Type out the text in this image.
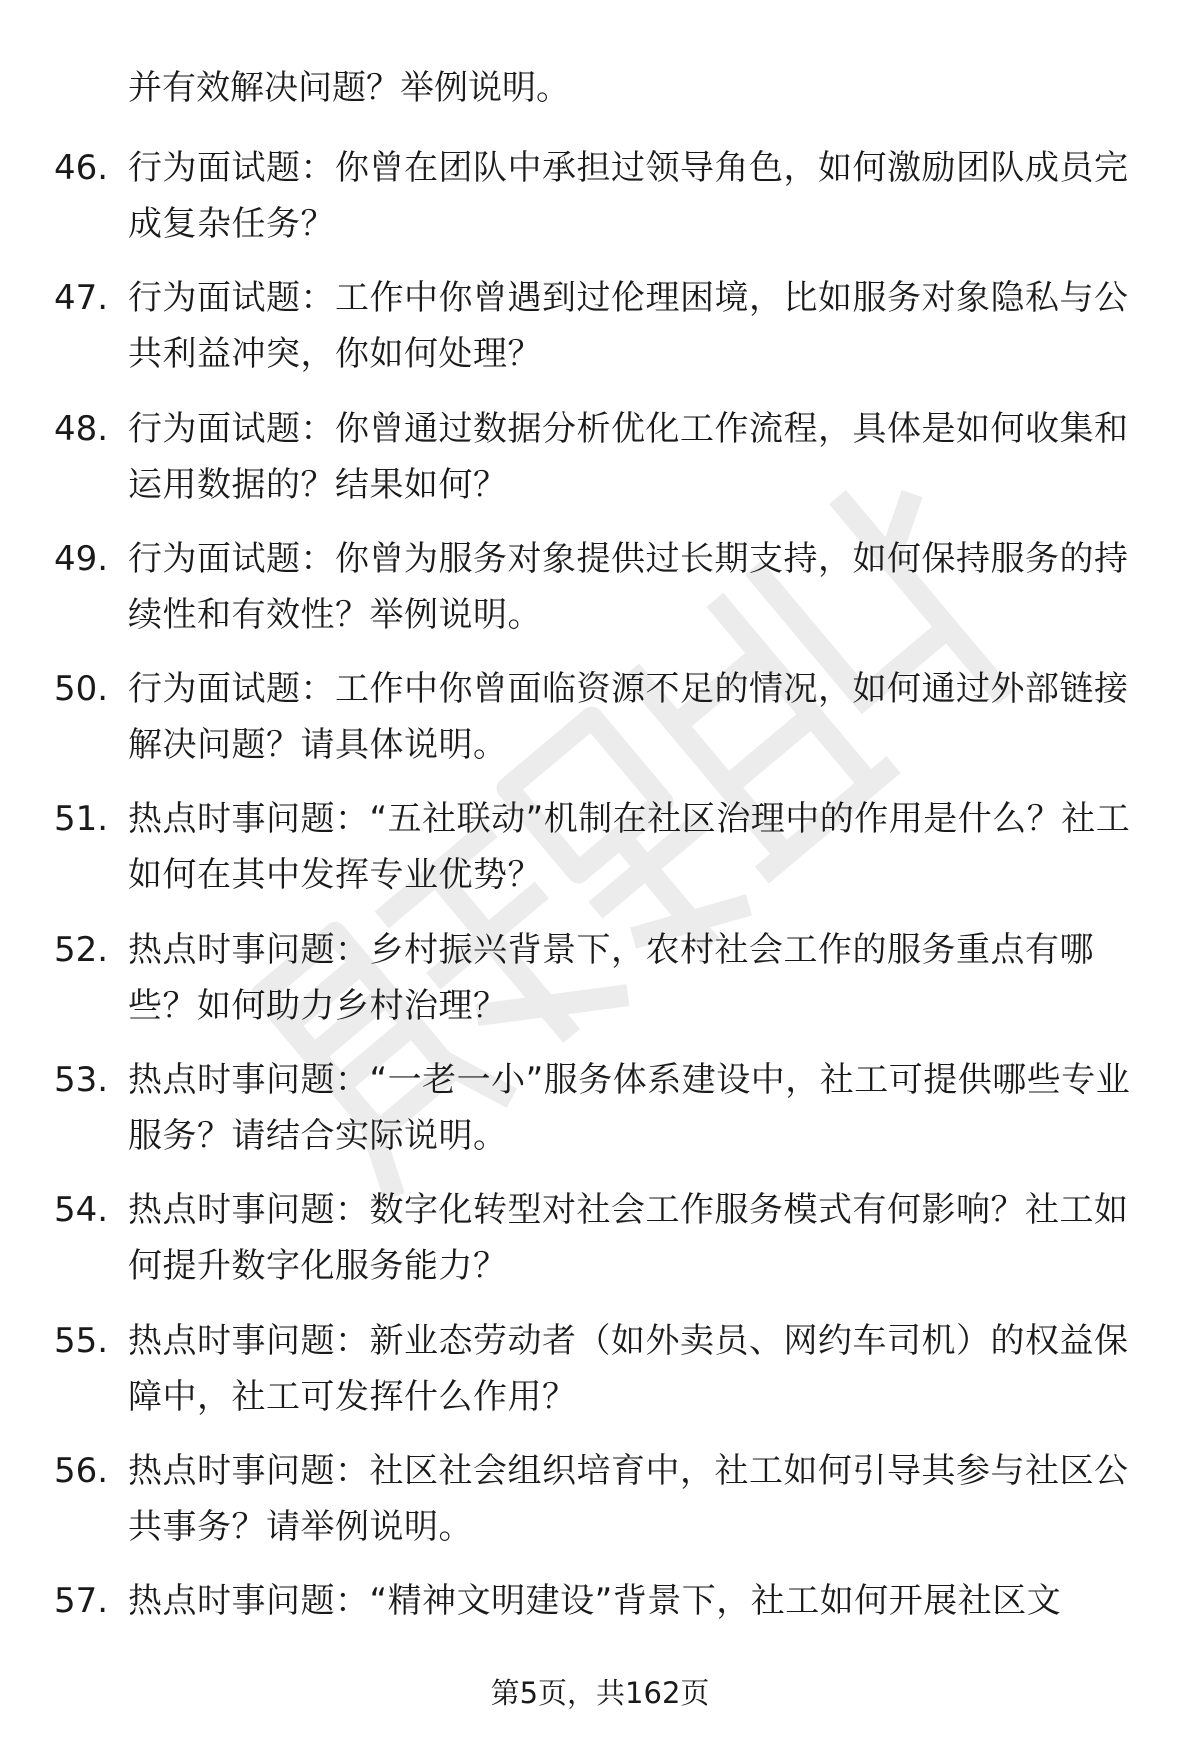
并有效解决问题？举例说明。
46. 行为面试题：你曾在团队中承担过领导角色，如何激励团队成员完成复杂任务？
47. 行为面试题：工作中你曾遇到过伦理困境，比如服务对象隐私与公共利益冲突，你如何处理？
48. 行为面试题：你曾通过数据分析优化工作流程，具体是如何收集和运用数据的？结果如何？
49. 行为面试题：你曾为服务对象提供过长期支持，如何保持服务的持续性和有效性？举例说明。
50. 行为面试题：工作中你曾面临资源不足的情况，如何通过外部链接解决问题？请具体说明。
51. 热点时事问题：“五社联动”机制在社区治理中的作用是什么？社工如何在其中发挥专业优势？
52. 热点时事问题：乡村振兴背景下，农村社会工作的服务重点有哪些？如何助力乡村治理？
53. 热点时事问题：“一老一小”服务体系建设中，社工可提供哪些专业服务？请结合实际说明。
54. 热点时事问题：数字化转型对社会工作服务模式有何影响？社工如何提升数字化服务能力？
55. 热点时事问题：新业态劳动者（如外卖员、网约车司机）的权益保障中，社工可发挥什么作用？
56. 热点时事问题：社区社会组织培育中，社工如何引导其参与社区公共事务？请举例说明。
57. 热点时事问题：“精神文明建设”背景下，社工如何开展社区文
第5页，共162页
